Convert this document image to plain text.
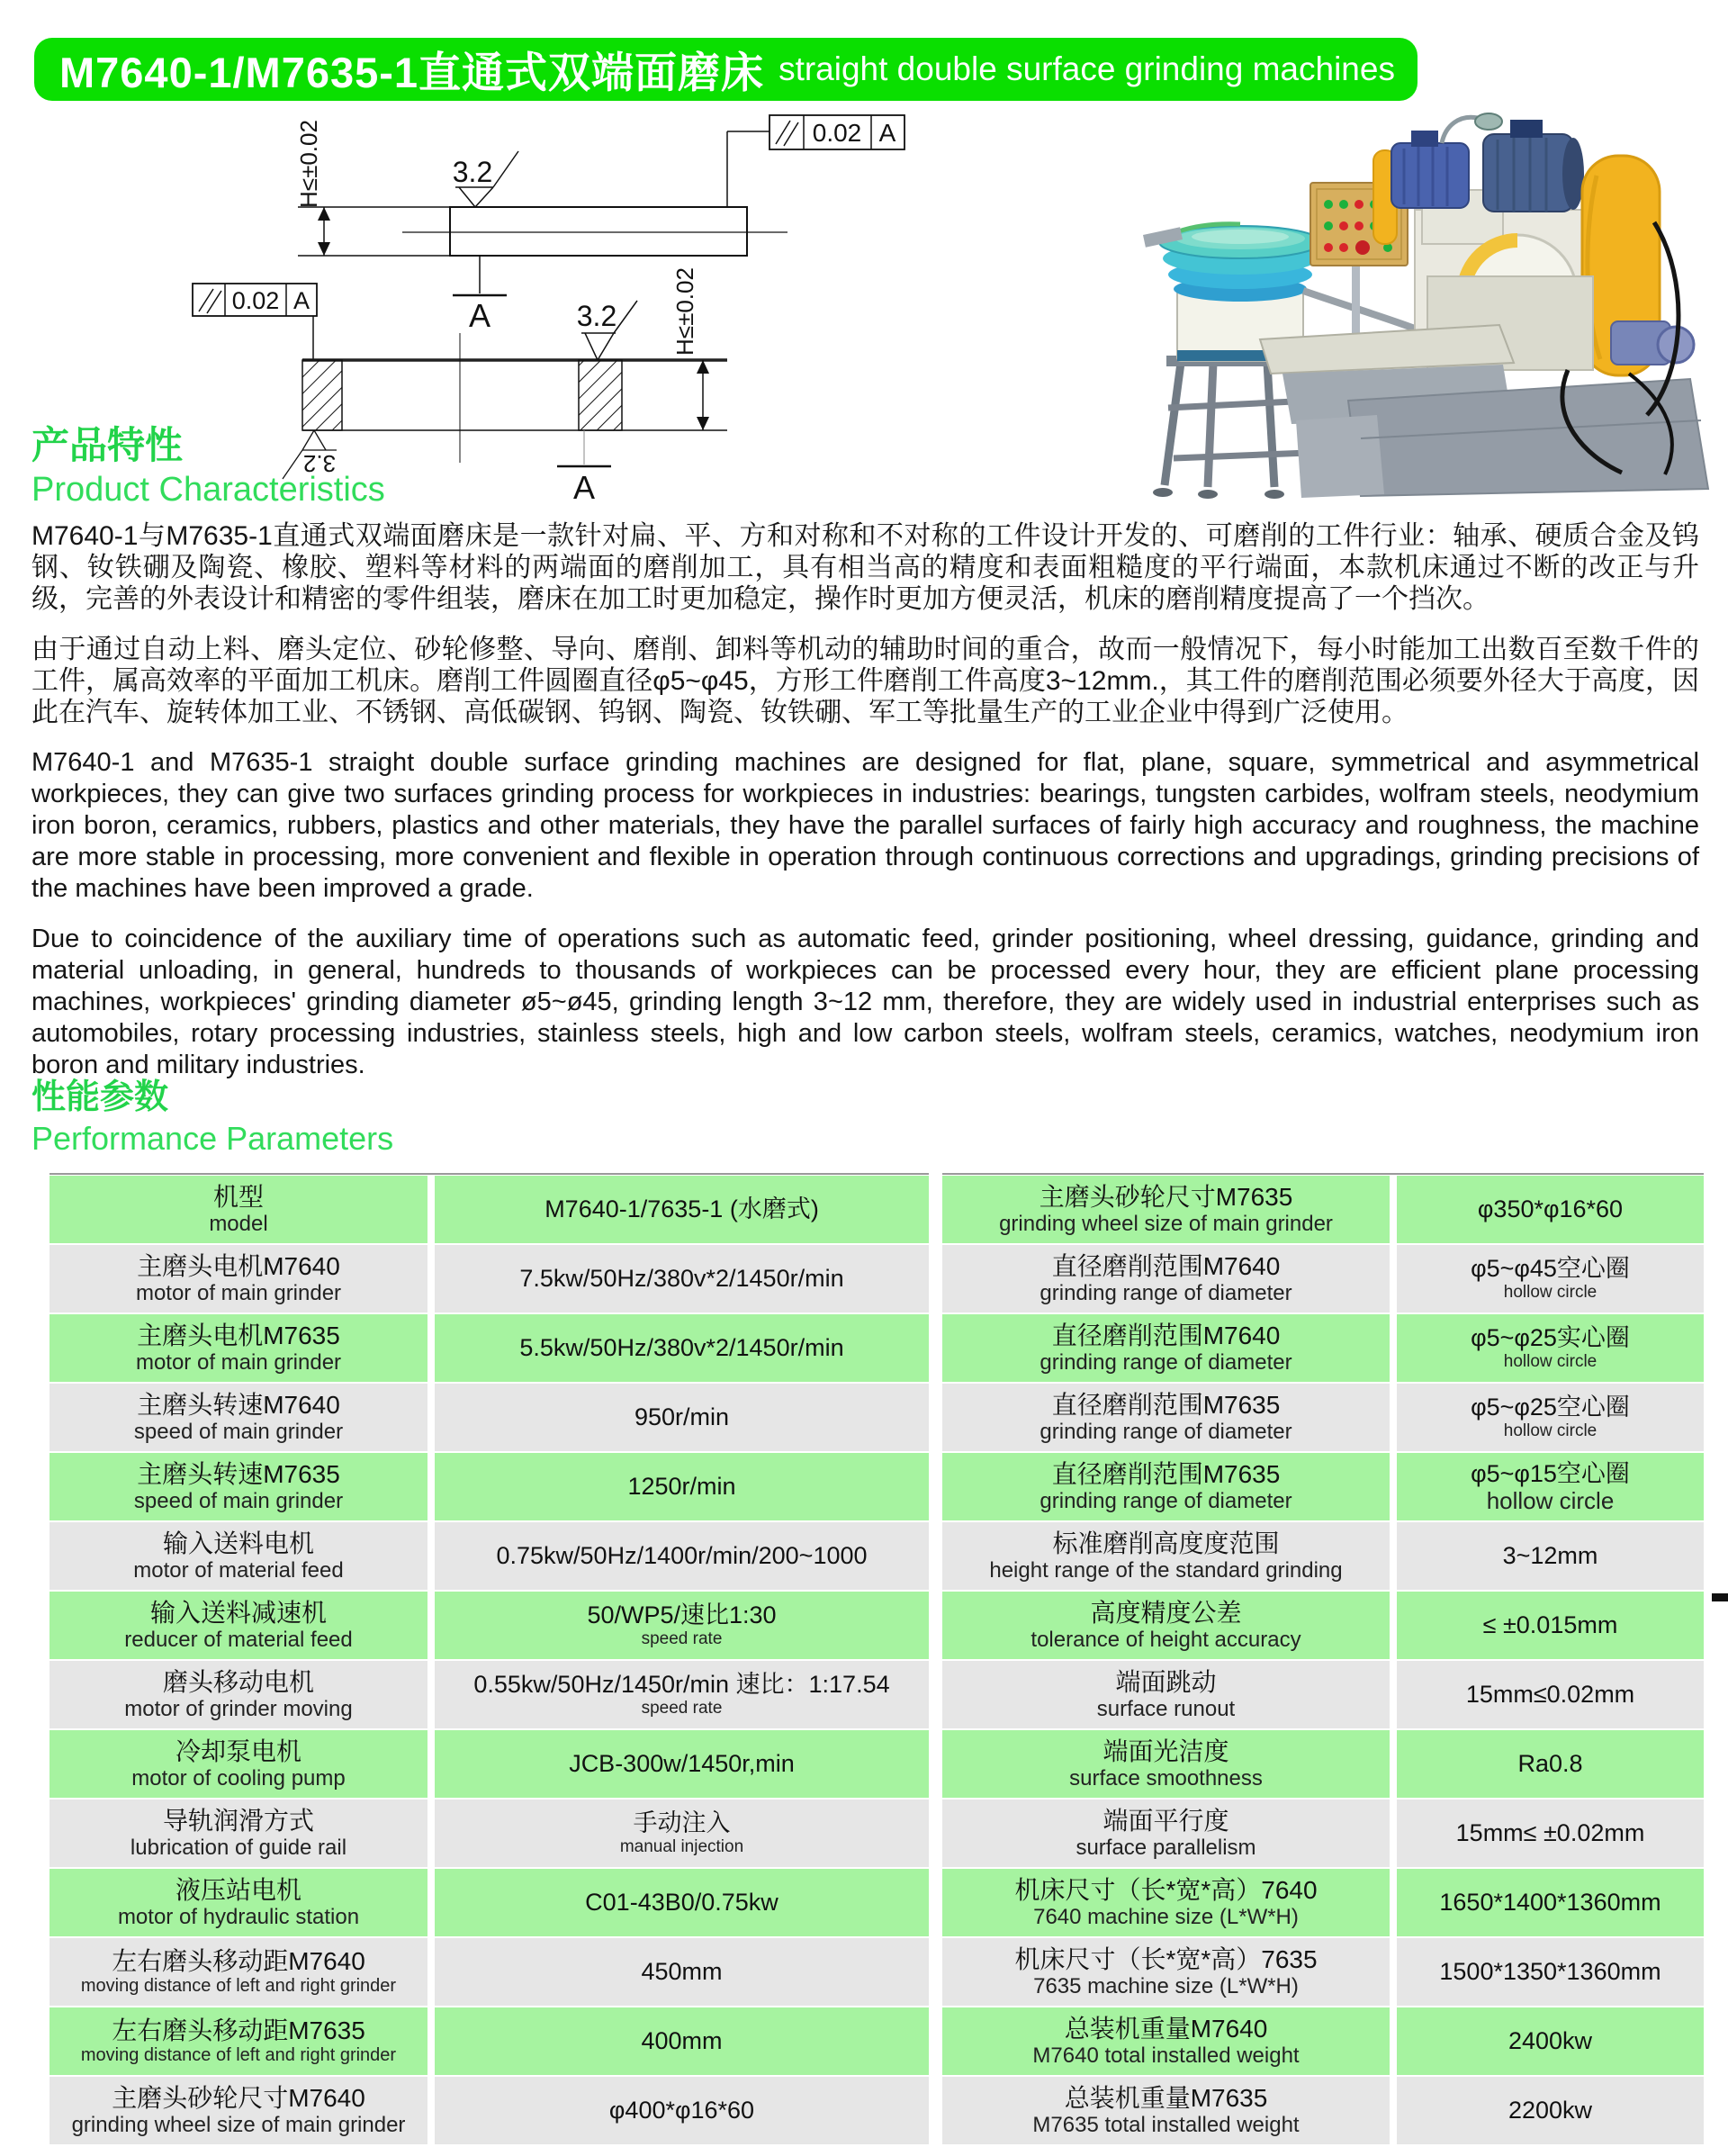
M7640-1/M7635-1直通式双端面磨床 straight double surface grinding machines
H≤±0.02	3.2
A
0.02 A
0.02 A	3.2
3.2
H≤±0.02
A
产品特性
Product Characteristics

M7640-1与M7635-1直通式双端面磨床是一款针对扁、平、方和对称和不对称的工件设计开发的、可磨削的工件行业：轴承、硬质合金及钨钢、钕铁硼及陶瓷、橡胶、塑料等材料的两端面的磨削加工，具有相当高的精度和表面粗糙度的平行端面，本款机床通过不断的改正与升级，完善的外表设计和精密的零件组装，磨床在加工时更加稳定，操作时更加方便灵活，机床的磨削精度提高了一个挡次。

由于通过自动上料、磨头定位、砂轮修整、导向、磨削、卸料等机动的辅助时间的重合，故而一般情况下，每小时能加工出数百至数千件的工件，属高效率的平面加工机床。磨削工件圆圈直径φ5~φ45，方形工件磨削工件高度3~12mm.，其工件的磨削范围必须要外径大于高度，因此在汽车、旋转体加工业、不锈钢、高低碳钢、钨钢、陶瓷、钕铁硼、军工等批量生产的工业企业中得到广泛使用。

M7640-1 and M7635-1 straight double surface grinding machines are designed for flat, plane, square, symmetrical and asymmetrical workpieces, they can give two surfaces grinding process for workpieces in industries: bearings, tungsten carbides, wolfram steels, neodymium iron boron, ceramics, rubbers, plastics and other materials, they have the parallel surfaces of fairly high accuracy and roughness, the machine are more stable in processing, more convenient and flexible in operation through continuous corrections and upgradings, grinding precisions of the machines have been improved a grade.

Due to coincidence of the auxiliary time of operations such as automatic feed, grinder positioning, wheel dressing, guidance, grinding and material unloading, in general, hundreds to thousands of workpieces can be processed every hour, they are efficient plane processing machines, workpieces' grinding diameter ø5~ø45, grinding length 3~12 mm, therefore, they are widely used in industrial enterprises such as automobiles, rotary processing industries, stainless steels, high and low carbon steels, wolfram steels, ceramics, watches, neodymium iron boron and military industries.

性能参数
Performance Parameters
机型
model
M7640-1/7635-1 (水磨式)
主磨头电机M7640
motor of main grinder
7.5kw/50Hz/380v*2/1450r/min
主磨头电机M7635
motor of main grinder
5.5kw/50Hz/380v*2/1450r/min
主磨头转速M7640
speed of main grinder
950r/min
主磨头转速M7635
speed of main grinder
1250r/min
输入送料电机
motor of material feed
0.75kw/50Hz/1400r/min/200~1000
输入送料减速机
reducer of material feed
50/WP5/速比1:30
speed rate
磨头移动电机
motor of grinder moving
0.55kw/50Hz/1450r/min 速比：1:17.54
speed rate
冷却泵电机
motor of cooling pump
JCB-300w/1450r,min
导轨润滑方式
lubrication of guide rail
手动注入
manual injection
液压站电机
motor of hydraulic station
C01-43B0/0.75kw
左右磨头移动距M7640
moving distance of left and right grinder
450mm
左右磨头移动距M7635
moving distance of left and right grinder
400mm
主磨头砂轮尺寸M7640
grinding wheel size of main grinder
φ400*φ16*60
主磨头砂轮尺寸M7635
grinding wheel size of main grinder
φ350*φ16*60
直径磨削范围M7640
grinding range of diameter
φ5~φ45空心圈
hollow circle
直径磨削范围M7640
grinding range of diameter
φ5~φ25实心圈
hollow circle
直径磨削范围M7635
grinding range of diameter
φ5~φ25空心圈
hollow circle
直径磨削范围M7635
grinding range of diameter
φ5~φ15空心圈
hollow circle
标准磨削高度度范围
height range of the standard grinding
3~12mm
高度精度公差
tolerance of height accuracy
≤ ±0.015mm
端面跳动
surface runout
15mm≤0.02mm
端面光洁度
surface smoothness
Ra0.8
端面平行度
surface parallelism
15mm≤ ±0.02mm
机床尺寸（长*宽*高）7640
7640 machine size (L*W*H)
1650*1400*1360mm
机床尺寸（长*宽*高）7635
7635 machine size (L*W*H)
1500*1350*1360mm
总装机重量M7640
M7640 total installed weight
2400kw
总装机重量M7635
M7635 total installed weight
2200kw
